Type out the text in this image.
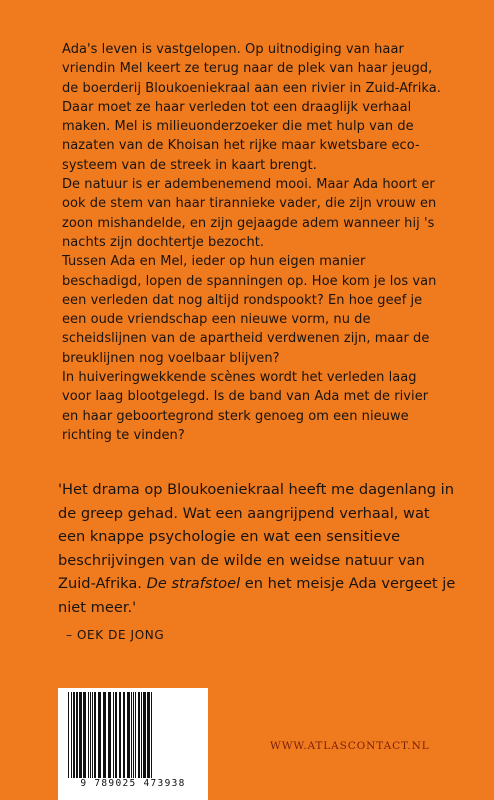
Ada's leven is vastgelopen. Op uitnodiging van haar vriendin Mel keert ze terug naar de plek van haar jeugd, de boerderij Bloukoeniekraal aan een rivier in Zuid-Afrika. Daar moet ze haar verleden tot een draaglijk verhaal maken. Mel is milieuonderzoeker die met hulp van de nazaten van de Khoisan het rijke maar kwetsbare eco-systeem van de streek in kaart brengt.

De natuur is er adembenemend mooi. Maar Ada hoort er ook de stem van haar tirannieke vader, die zijn vrouw en zoon mishandelde, en zijn gejaagde adem wanneer hij 's nachts zijn dochtertje bezocht.

Tussen Ada en Mel, ieder op hun eigen manier beschadigd, lopen de spanningen op. Hoe kom je los van een verleden dat nog altijd rondspookt? En hoe geef je een oude vriendschap een nieuwe vorm, nu de scheidslijnen van de apartheid verdwenen zijn, maar de breuklijnen nog voelbaar blijven?

In huiveringwekkende scènes wordt het verleden laag voor laag blootgelegd. Is de band van Ada met de rivier en haar geboortegrond sterk genoeg om een nieuwe richting te vinden?

'Het drama op Bloukoeniekraal heeft me dagenlang in de greep gehad. Wat een aangrijpend verhaal, wat een knappe psychologie en wat een sensitieve beschrijvingen van de wilde en weidse natuur van Zuid-Afrika. De strafstoel en het meisje Ada vergeet je niet meer.'

– OEK DE JONG
9 789025 473938
WWW.ATLASCONTACT.NL
